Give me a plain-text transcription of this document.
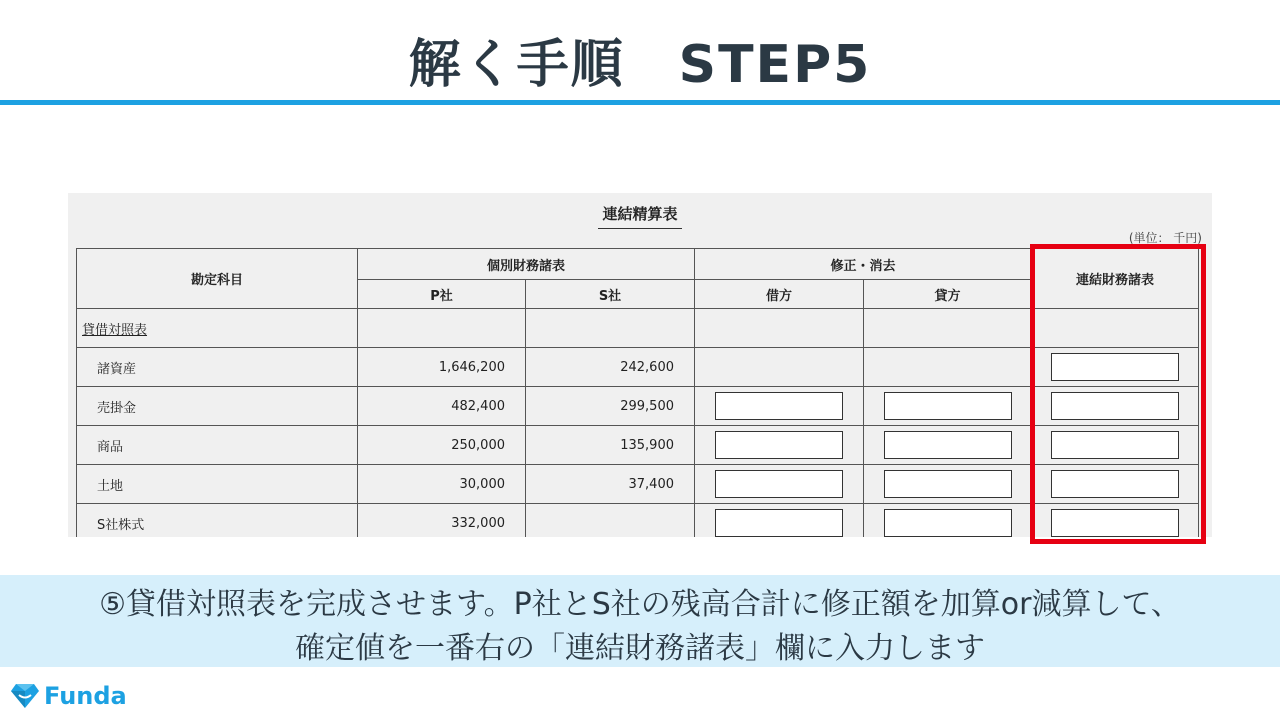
解く手順　STEP5
連結精算表
(単位： 千円)
勘定科目	個別財務諸表		修正・消去		連結財務諸表
	P社	S社	借方	貸方	
貸借対照表					
諸資産	1,646,200	242,600			

売掛金	482,400	299,500	

商品	250,000	135,900	

土地	30,000	37,400	

S社株式	332,000		

⑤貸借対照表を完成させます。P社とS社の残高合計に修正額を加算or減算して、
確定値を一番右の「連結財務諸表」欄に入力します
Funda
